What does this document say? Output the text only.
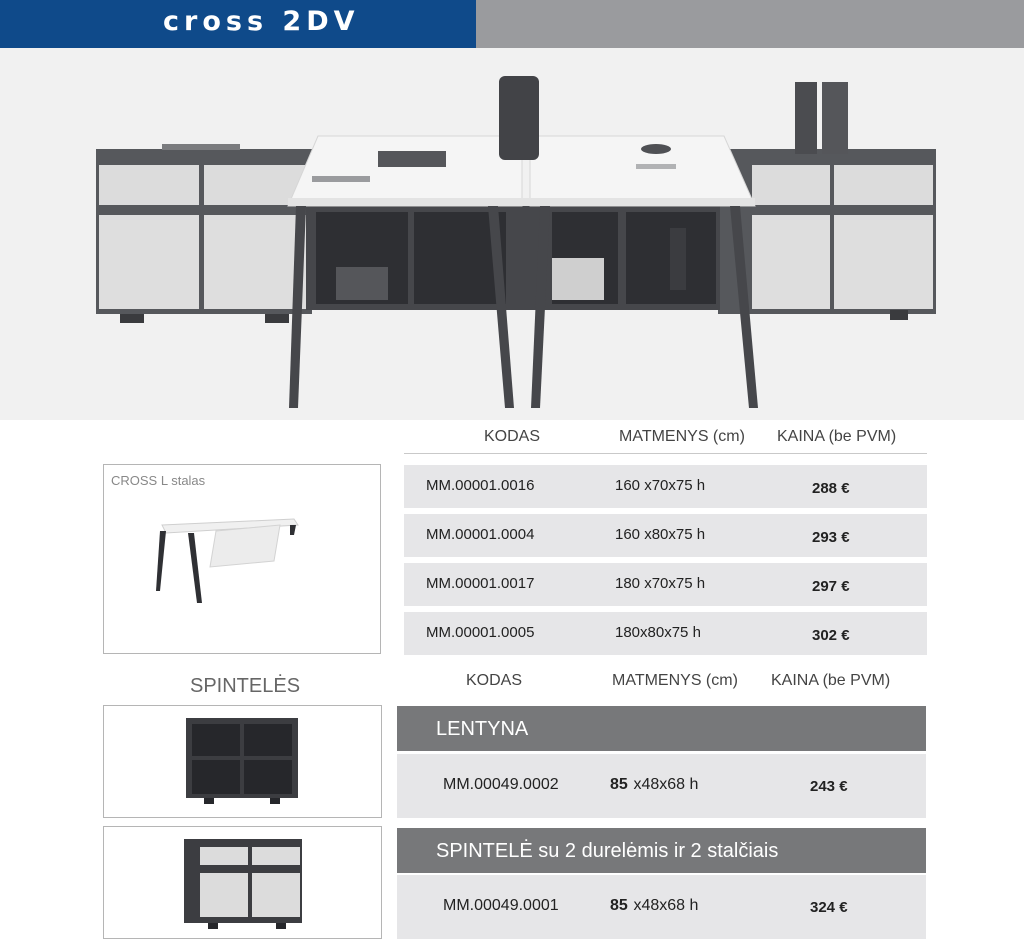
cross 2DV
KODAS	MATMENYS (cm) KAINA (be PVM)
CROSS L stalas	MM.00001.0016	160 x70x75 h	288 €
MM.00001.0004	160 x80x75 h	293 €
MM.00001.0017	180 x70x75 h	297 €
MM.00001.0005	180x80x75 h	302 €
SPINTELĖS	KODAS	MATMENYS (cm) KAINA (be PVM)
LENTYNA
MM.00049.0002	85 x48x68 h	243 €
SPINTELĖ su 2 durelėmis ir 2 stalčiais
MM.00049.0001	85 x48x68 h	324 €
